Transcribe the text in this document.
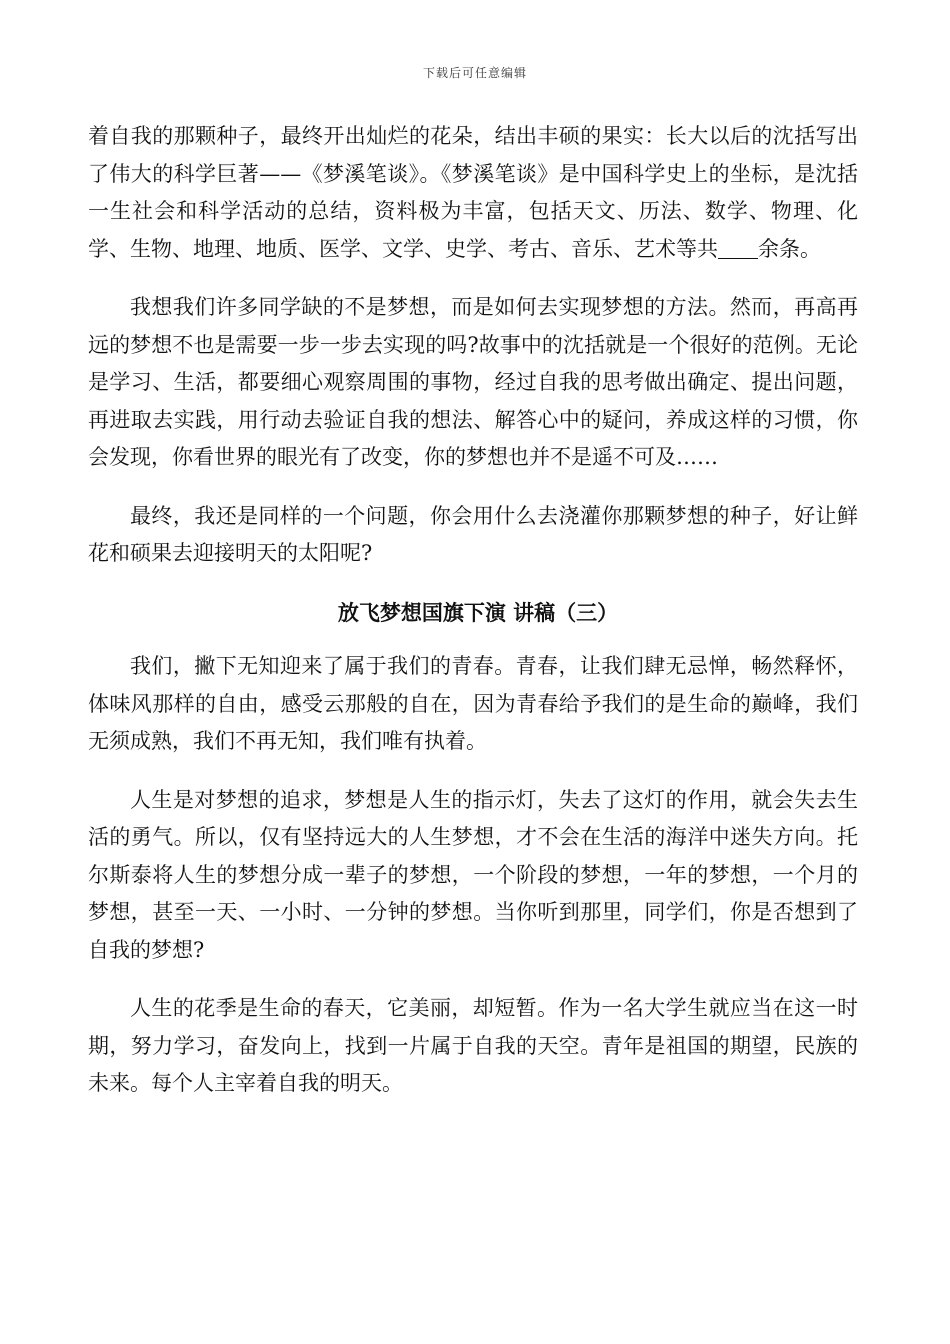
下载后可任意编辑

着自我的那颗种子，最终开出灿烂的花朵，结出丰硕的果实：长大以后的沈括写出了伟大的科学巨著——《梦溪笔谈》。《梦溪笔谈》是中国科学史上的坐标，是沈括一生社会和科学活动的总结，资料极为丰富，包括天文、历法、数学、物理、化学、生物、地理、地质、医学、文学、史学、考古、音乐、艺术等共 余条。

我想我们许多同学缺的不是梦想，而是如何去实现梦想的方法。然而，再高再远的梦想不也是需要一步一步去实现的吗?故事中的沈括就是一个很好的范例。无论是学习、生活，都要细心观察周围的事物，经过自我的思考做出确定、提出问题，再进取去实践，用行动去验证自我的想法、解答心中的疑问，养成这样的习惯，你会发现，你看世界的眼光有了改变，你的梦想也并不是遥不可及……

最终，我还是同样的一个问题，你会用什么去浇灌你那颗梦想的种子，好让鲜花和硕果去迎接明天的太阳呢?

放飞梦想国旗下演 讲稿（三）

我们，撇下无知迎来了属于我们的青春。青春，让我们肆无忌惮，畅然释怀，体味风那样的自由，感受云那般的自在，因为青春给予我们的是生命的巅峰，我们无须成熟，我们不再无知，我们唯有执着。

人生是对梦想的追求，梦想是人生的指示灯，失去了这灯的作用，就会失去生活的勇气。所以，仅有坚持远大的人生梦想，才不会在生活的海洋中迷失方向。托尔斯泰将人生的梦想分成一辈子的梦想，一个阶段的梦想，一年的梦想，一个月的梦想，甚至一天、一小时、一分钟的梦想。当你听到那里，同学们，你是否想到了自我的梦想?

人生的花季是生命的春天，它美丽，却短暂。作为一名大学生就应当在这一时期，努力学习，奋发向上，找到一片属于自我的天空。青年是祖国的期望，民族的未来。每个人主宰着自我的明天。
